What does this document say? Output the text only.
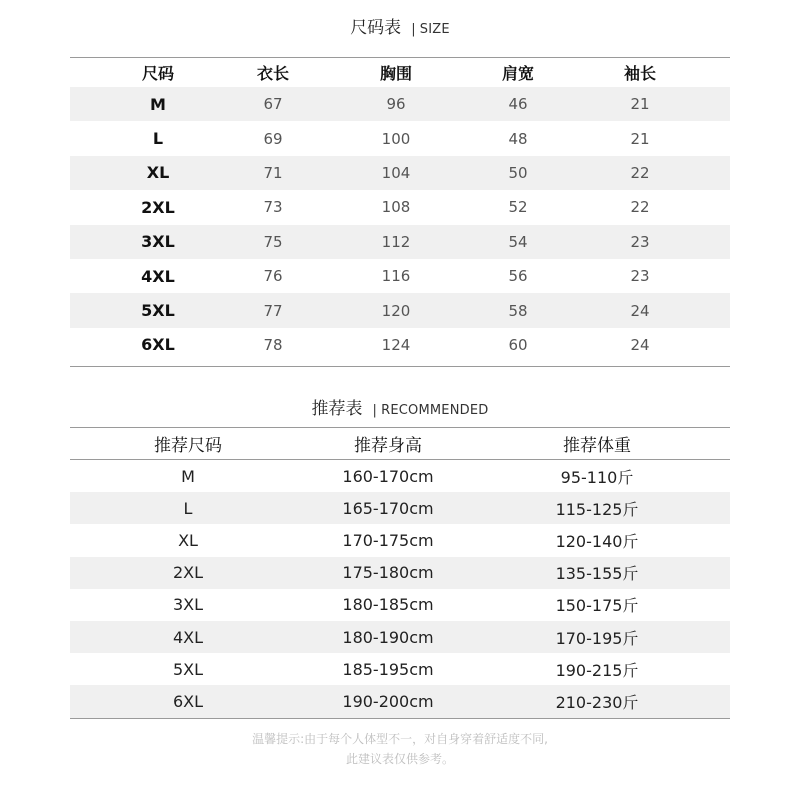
尺码表	| SIZE
尺码	衣长	胸围	肩宽	袖长
M	67	96	46	21
L	69	100	48	21
XL	71	104	50	22
2XL	73	108	52	22
3XL	75	112	54	23
4XL	76	116	56	23
5XL	77	120	58	24
6XL	78	124	60	24
推荐表	| RECOMMENDED
推荐尺码	推荐身高	推荐体重
M	160-170cm	95-110斤
L	165-170cm	115-125斤
XL	170-175cm	120-140斤
2XL	175-180cm	135-155斤
3XL	180-185cm	150-175斤
4XL	180-190cm	170-195斤
5XL	185-195cm	190-215斤
6XL	190-200cm	210-230斤
温馨提示:由于每个人体型不一，对自身穿着舒适度不同,
此建议表仅供参考。
